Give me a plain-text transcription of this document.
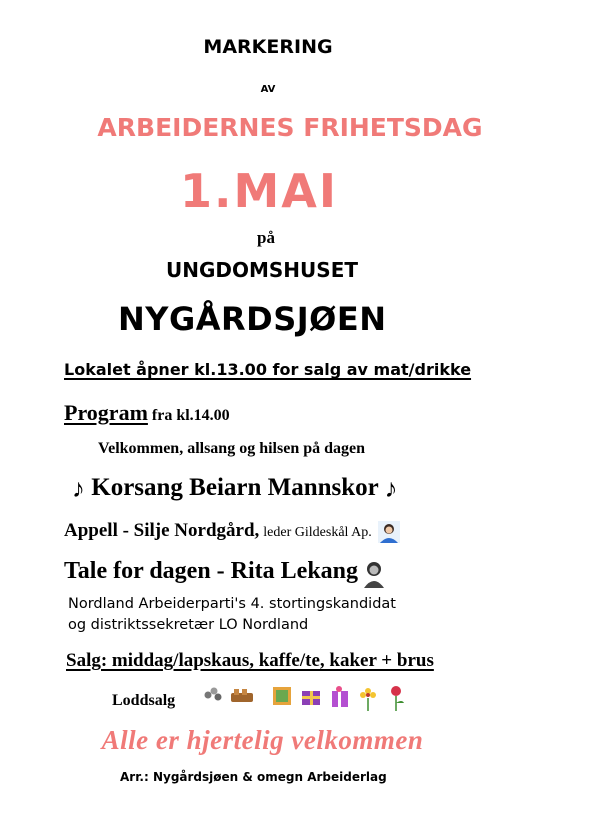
MARKERING
AV
ARBEIDERNES FRIHETSDAG
1.MAI
på
UNGDOMSHUSET
NYGÅRDSJØEN
Lokalet åpner kl.13.00 for salg av mat/drikke
Program fra kl.14.00
Velkommen, allsang og hilsen på dagen
♪ Korsang Beiarn Mannskor ♪
Appell - Silje Nordgård, leder Gildeskål Ap.
Tale for dagen - Rita Lekang
Nordland Arbeiderparti's 4. stortingskandidat
og distriktssekretær LO Nordland
Salg: middag/lapskaus, kaffe/te, kaker + brus
Loddsalg
Alle er hjertelig velkommen
Arr.: Nygårdsjøen & omegn Arbeiderlag
